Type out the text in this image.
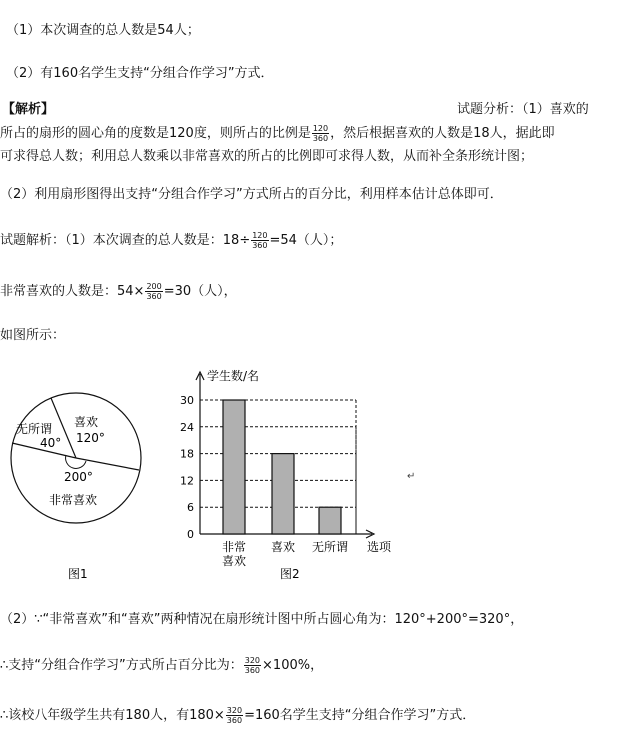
（1）本次调查的总人数是54人；
（2）有160名学生支持“分组合作学习”方式．
【解析】	试题分析：（1）喜欢的
所占的扇形的圆心角的度数是120度，则所占的比例是 $\frac{120}{360}$ ，然后根据喜欢的人数是18人，据此即
可求得总人数；利用总人数乘以非常喜欢的所占的比例即可求得人数，从而补全条形统计图；
（2）利用扇形图得出支持“分组合作学习”方式所占的百分比，利用样本估计总体即可．
试题解析：（1）本次调查的总人数是：$18\div \frac{120}{360} =54$（人）；
非常喜欢的人数是：$54\times \frac{200}{360} =30$（人），
如图所示：
喜欢
120°
无所谓
40°
200°
非常喜欢
图1
学生数/名
选项
图2
0
6
12
18
24
30
非常
喜欢
喜欢 无所谓
↵
（2）∵“非常喜欢”和“喜欢”两种情况在扇形统计图中所占圆心角为：120°+200°=320°，
∴支持“分组合作学习”方式所占百分比为： $\frac{320}{360} \times 100\%$，
∴该校八年级学生共有180人，有$180\times \frac{320}{360} =160$名学生支持“分组合作学习”方式．
